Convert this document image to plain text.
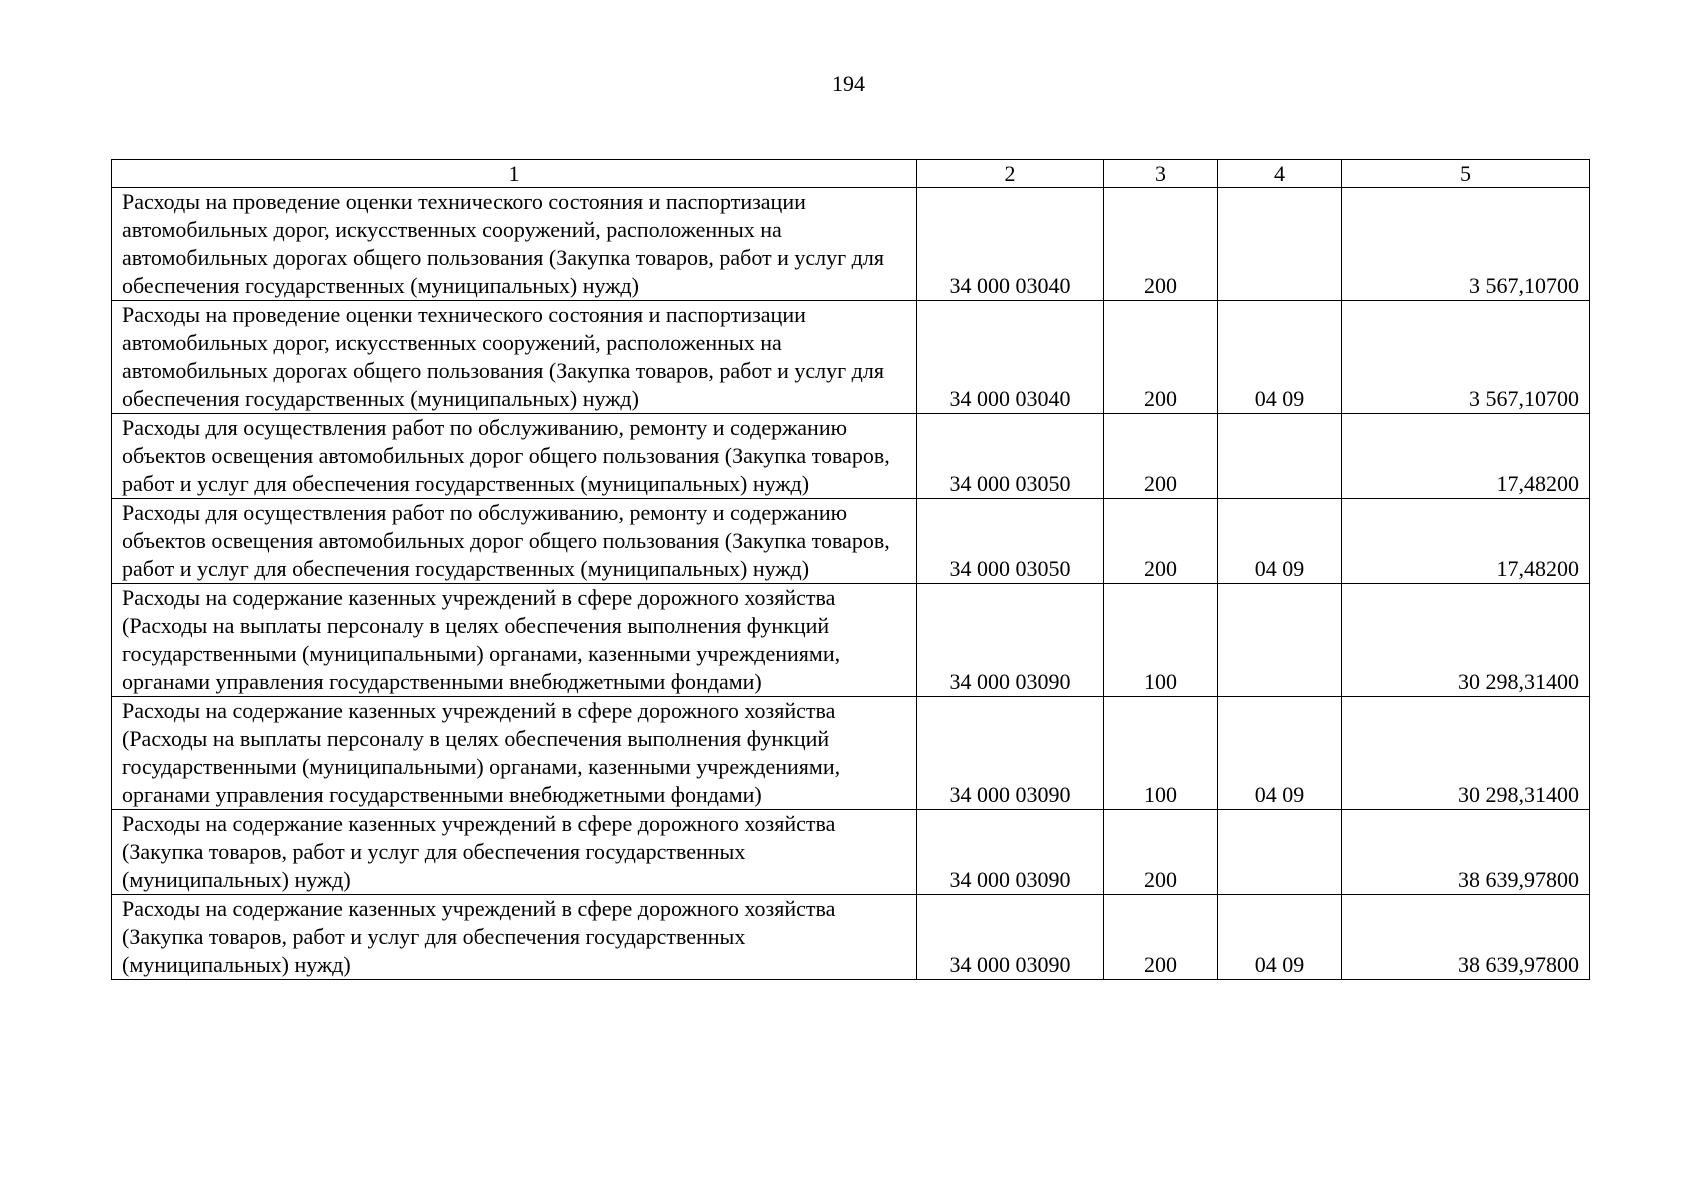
194
1	2	3	4	5
Расходы на проведение оценки технического состояния и паспортизации автомобильных дорог, искусственных сооружений, расположенных на автомобильных дорогах общего пользования (Закупка товаров, работ и услуг для обеспечения государственных (муниципальных) нужд)	34 000 03040	200		3 567,10700
Расходы на проведение оценки технического состояния и паспортизации автомобильных дорог, искусственных сооружений, расположенных на автомобильных дорогах общего пользования (Закупка товаров, работ и услуг для обеспечения государственных (муниципальных) нужд)	34 000 03040	200	04 09	3 567,10700
Расходы для осуществления работ по обслуживанию, ремонту и содержанию объектов освещения автомобильных дорог общего пользования (Закупка товаров, работ и услуг для обеспечения государственных (муниципальных) нужд)	34 000 03050	200		17,48200
Расходы для осуществления работ по обслуживанию, ремонту и содержанию объектов освещения автомобильных дорог общего пользования (Закупка товаров, работ и услуг для обеспечения государственных (муниципальных) нужд)	34 000 03050	200	04 09	17,48200
Расходы на содержание казенных учреждений в сфере дорожного хозяйства (Расходы на выплаты персоналу в целях обеспечения выполнения функций государственными (муниципальными) органами, казенными учреждениями, органами управления государственными внебюджетными фондами)	34 000 03090	100		30 298,31400
Расходы на содержание казенных учреждений в сфере дорожного хозяйства (Расходы на выплаты персоналу в целях обеспечения выполнения функций государственными (муниципальными) органами, казенными учреждениями, органами управления государственными внебюджетными фондами)	34 000 03090	100	04 09	30 298,31400
Расходы на содержание казенных учреждений в сфере дорожного хозяйства (Закупка товаров, работ и услуг для обеспечения государственных (муниципальных) нужд)	34 000 03090	200		38 639,97800
Расходы на содержание казенных учреждений в сфере дорожного хозяйства (Закупка товаров, работ и услуг для обеспечения государственных (муниципальных) нужд)	34 000 03090	200	04 09	38 639,97800
